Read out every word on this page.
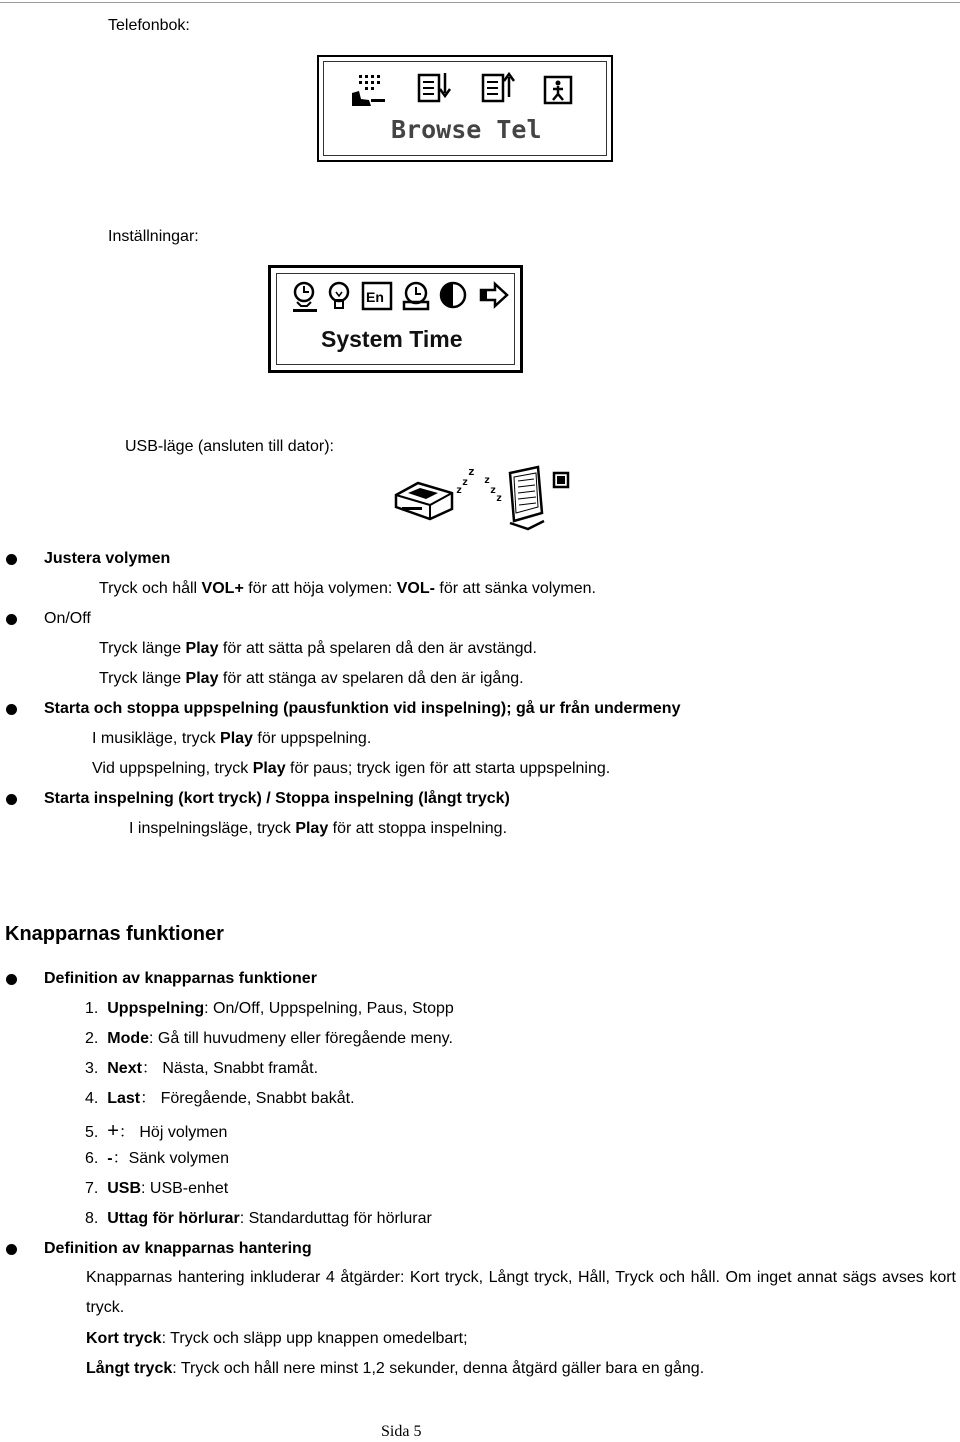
Telefonbok:
Browse Tel
Inställningar:
En
System Time
USB-läge (ansluten till dator):
z
z
z
z
z
z
Justera volymen
Tryck och håll VOL+ för att höja volymen: VOL- för att sänka volymen.
On/Off
Tryck länge Play för att sätta på spelaren då den är avstängd.
Tryck länge Play för att stänga av spelaren då den är igång.
Starta och stoppa uppspelning (pausfunktion vid inspelning); gå ur från undermeny
I musikläge, tryck Play för uppspelning.
Vid uppspelning, tryck Play för paus; tryck igen för att starta uppspelning.
Starta inspelning (kort tryck) / Stoppa inspelning (långt tryck)
I inspelningsläge, tryck Play för att stoppa inspelning.
Knapparnas funktioner
Definition av knapparnas funktioner
1. Uppspelning: On/Off, Uppspelning, Paus, Stopp
2. Mode: Gå till huvudmeny eller föregående meny.
3. Next： Nästa, Snabbt framåt.
4. Last： Föregående, Snabbt bakåt.
5. +： Höj volymen
6. -：Sänk volymen
7. USB: USB-enhet
8. Uttag för hörlurar: Standarduttag för hörlurar
Definition av knapparnas hantering
Knapparnas hantering inkluderar 4 åtgärder: Kort tryck, Långt tryck, Håll, Tryck och håll. Om inget annat sägs avses kort tryck.
Kort tryck: Tryck och släpp upp knappen omedelbart;
Långt tryck: Tryck och håll nere minst 1,2 sekunder, denna åtgärd gäller bara en gång.
Sida 5
